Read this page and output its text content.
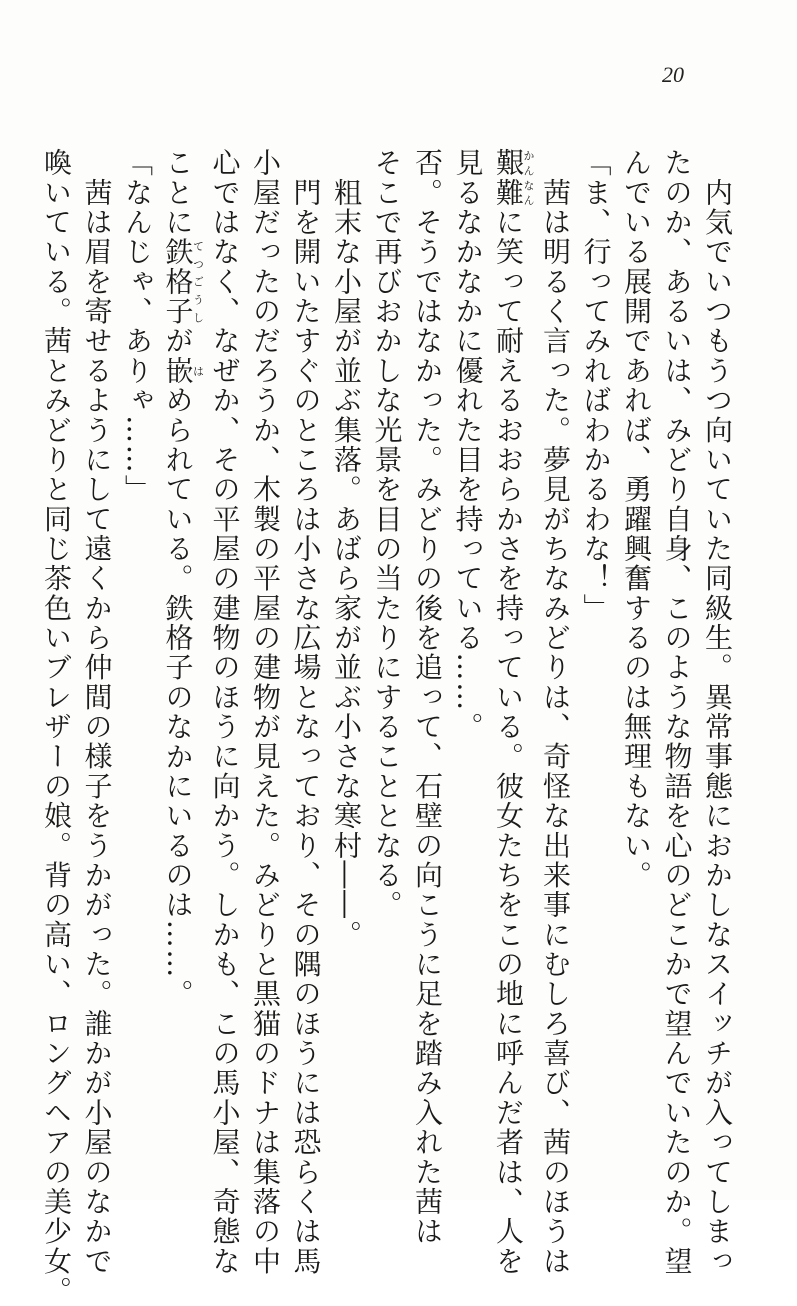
20
　内気でいつもうつ向いていた同級生。異常事態におかしなスイッチが入ってしまっ
たのか、あるいは、みどり自身、このような物語を心のどこかで望んでいたのか。望
んでいる展開であれば、勇躍興奮するのは無理もない。
「ま、行ってみればわかるわな！」
　茜は明るく言った。夢見がちなみどりは、奇怪な出来事にむしろ喜び、茜のほうは
艱難かんなんに笑って耐えるおおらかさを持っている。彼女たちをこの地に呼んだ者は、人を
見るなかなかに優れた目を持っている……。
否。そうではなかった。みどりの後を追って、石壁の向こうに足を踏み入れた茜は
そこで再びおかしな光景を目の当たりにすることとなる。
　粗末な小屋が並ぶ集落。あばら家が並ぶ小さな寒村――。
　門を開いたすぐのところは小さな広場となっており、その隅のほうには恐らくは馬
小屋だったのだろうか、木製の平屋の建物が見えた。みどりと黒猫のドナは集落の中
心ではなく、なぜか、その平屋の建物のほうに向かう。しかも、この馬小屋、奇態な
ことに鉄格子てつごうしが嵌はめられている。鉄格子のなかにいるのは……。
「なんじゃ、ありゃ……」
　茜は眉を寄せるようにして遠くから仲間の様子をうかがった。誰かが小屋のなかで
喚いている。茜とみどりと同じ茶色いブレザーの娘。背の高い、ロングヘアの美少女。
